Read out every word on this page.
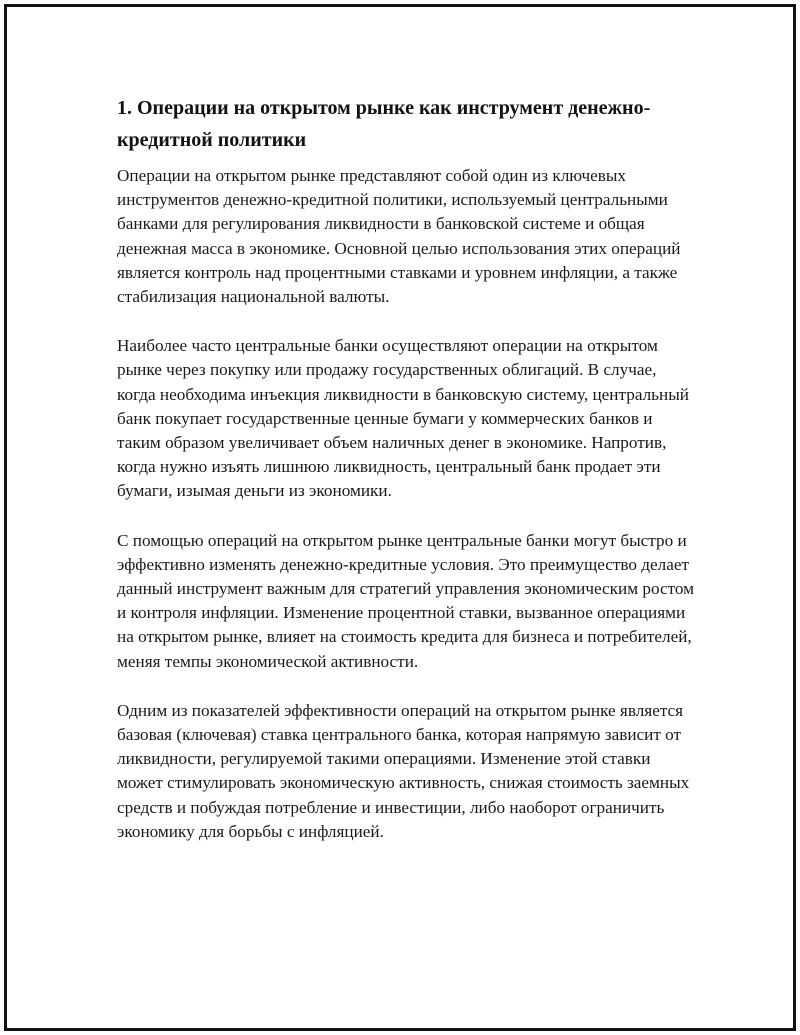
1. Операции на открытом рынке как инструмент денежно-кредитной политики

Операции на открытом рынке представляют собой один из ключевых инструментов денежно-кредитной политики, используемый центральными банками для регулирования ликвидности в банковской системе и общая денежная масса в экономике. Основной целью использования этих операций является контроль над процентными ставками и уровнем инфляции, а также стабилизация национальной валюты.

Наиболее часто центральные банки осуществляют операции на открытом рынке через покупку или продажу государственных облигаций. В случае, когда необходима инъекция ликвидности в банковскую систему, центральный банк покупает государственные ценные бумаги у коммерческих банков и таким образом увеличивает объем наличных денег в экономике. Напротив, когда нужно изъять лишнюю ликвидность, центральный банк продает эти бумаги, изымая деньги из экономики.

С помощью операций на открытом рынке центральные банки могут быстро и эффективно изменять денежно-кредитные условия. Это преимущество делает данный инструмент важным для стратегий управления экономическим ростом и контроля инфляции. Изменение процентной ставки, вызванное операциями на открытом рынке, влияет на стоимость кредита для бизнеса и потребителей, меняя темпы экономической активности.

Одним из показателей эффективности операций на открытом рынке является базовая (ключевая) ставка центрального банка, которая напрямую зависит от ликвидности, регулируемой такими операциями. Изменение этой ставки может стимулировать экономическую активность, снижая стоимость заемных средств и побуждая потребление и инвестиции, либо наоборот ограничить экономику для борьбы с инфляцией.
